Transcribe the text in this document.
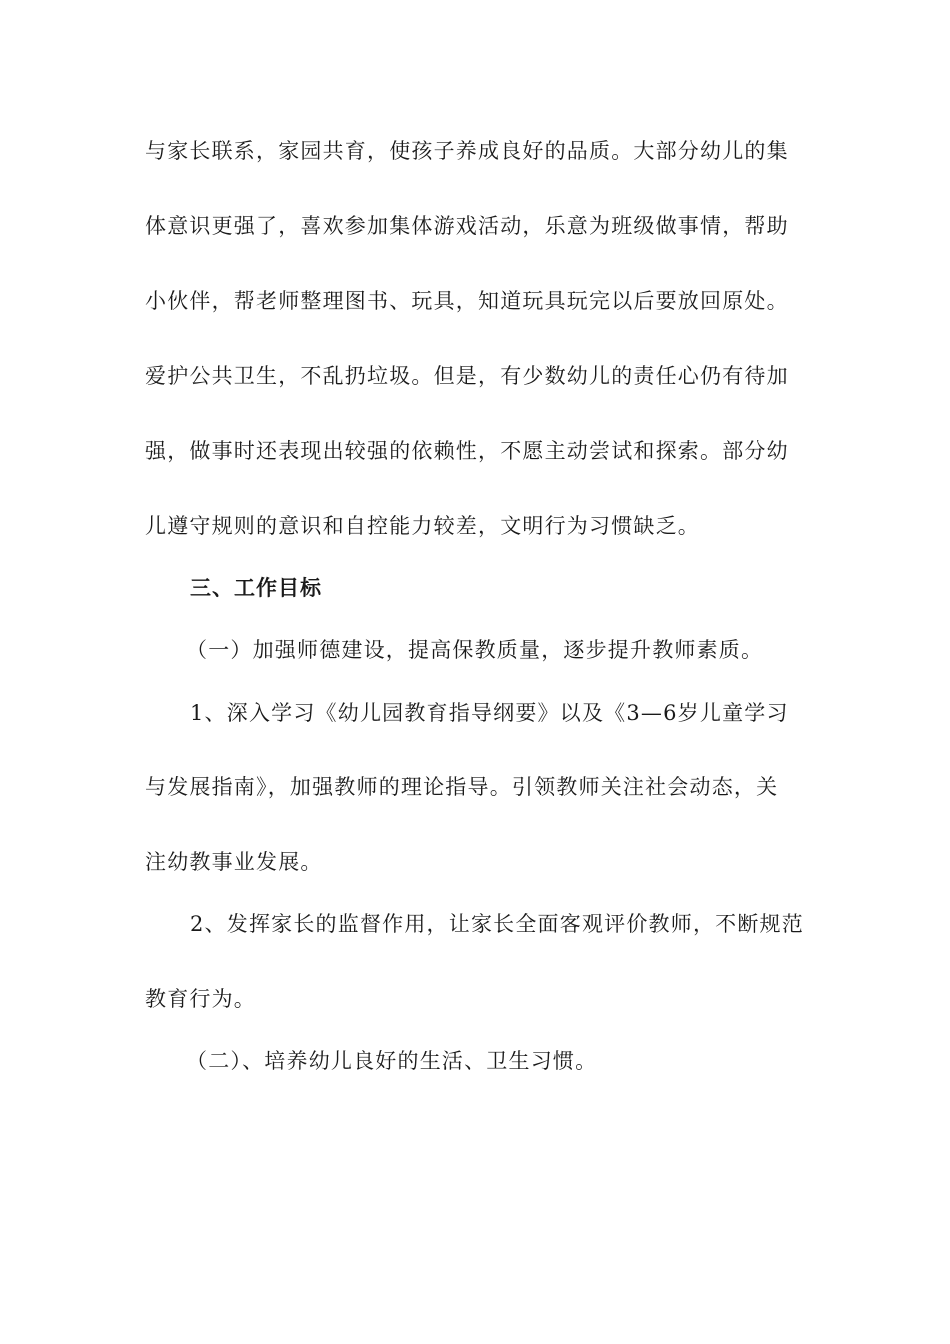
与家长联系，家园共育，使孩子养成良好的品质。大部分幼儿的集
体意识更强了，喜欢参加集体游戏活动，乐意为班级做事情，帮助
小伙伴，帮老师整理图书、玩具，知道玩具玩完以后要放回原处。
爱护公共卫生，不乱扔垃圾。但是，有少数幼儿的责任心仍有待加
强，做事时还表现出较强的依赖性，不愿主动尝试和探索。部分幼
儿遵守规则的意识和自控能力较差，文明行为习惯缺乏。
三、工作目标
（一）加强师德建设，提高保教质量，逐步提升教师素质。
1、深入学习《幼儿园教育指导纲要》以及《3—6岁儿童学习
与发展指南》，加强教师的理论指导。引领教师关注社会动态，关
注幼教事业发展。
2、发挥家长的监督作用，让家长全面客观评价教师，不断规范
教育行为。
（二）、培养幼儿良好的生活、卫生习惯。
